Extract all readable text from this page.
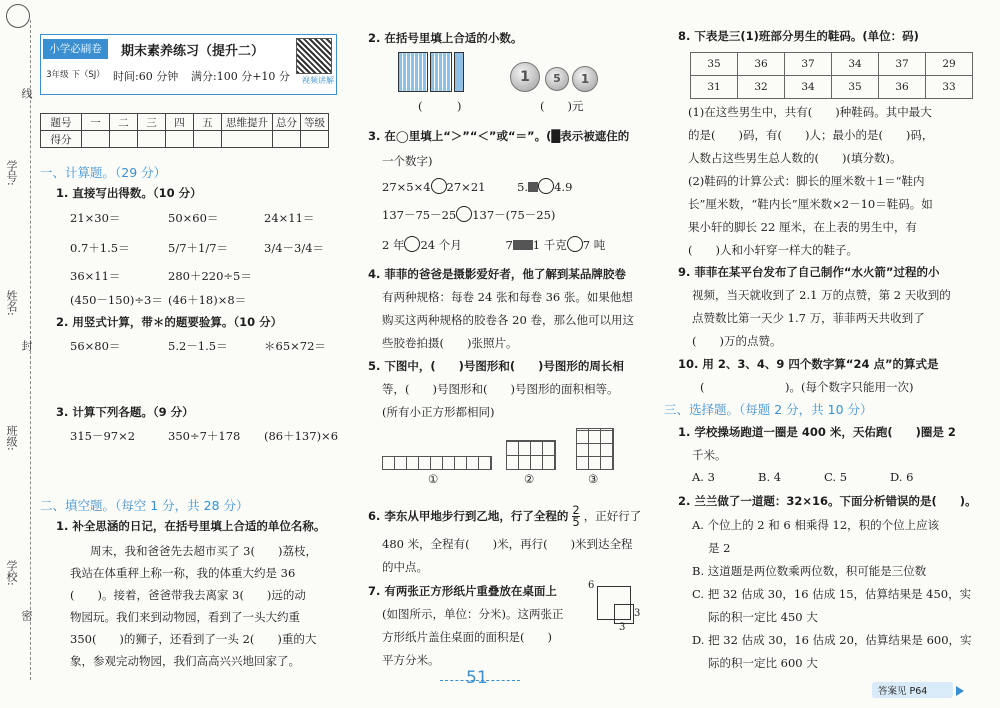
线
学号:
姓名:
封
班级:
学校:
密
小学必刷卷
3年级 下（SJ）
期末素养练习（提升二）
时间:60 分钟 满分:100 分+10 分 视频讲解
题号	一	二	三	四	五	思维提升	总分	等级
得分								
一、计算题。（29 分）
1. 直接写出得数。（10 分）
21×30＝	50×60＝	24×11＝
0.7＋1.5＝	5/7＋1/7＝	3/4－3/4＝
36×11＝	280＋220÷5＝
(450－150)÷3＝ (46＋18)×8＝
2. 用竖式计算，带＊的题要验算。（10 分）
56×80＝	5.2－1.5＝	＊65×72＝
3. 计算下列各题。（9 分）
315－97×2	350÷7＋178 (86＋137)×6
二、填空题。（每空 1 分，共 28 分）
1. 补全思涵的日记，在括号里填上合适的单位名称。
周末，我和爸爸先去超市买了 3(　　)荔枝，
我站在体重秤上称一称，我的体重大约是 36
(　　)。接着，爸爸带我去离家 3(　　)远的动
物园玩。我们来到动物园，看到了一头大约重
350(　　)的狮子，还看到了一头 2(　　)重的大
象，参观完动物园，我们高高兴兴地回家了。
2. 在括号里填上合适的小数。
(　　　)
1	5	1
(　　)元
3. 在◯里填上“＞”“＜”或“＝”。(█表示被遮住的
一个数字)
27×5×4 27×21	5. 4.9
137－75－25 137－(75－25)
2 年 24 个月	7 1 千克 7 吨
4. 菲菲的爸爸是摄影爱好者，他了解到某品牌胶卷
有两种规格：每卷 24 张和每卷 36 张。如果他想
购买这两种规格的胶卷各 20 卷，那么他可以用这
些胶卷拍摄(　　)张照片。
5. 下图中，(　　)号图形和(　　)号图形的周长相
等，(　　)号图形和(　　)号图形的面积相等。
(所有小正方形都相同)
①	②	③
6. 李东从甲地步行到乙地，行了全程的 $\frac{2}{5}$ ，正好行了
480 米，全程有(　　)米，再行(　　)米到达全程
的中点。
7. 有两张正方形纸片重叠放在桌面上
(如图所示，单位：分米)。这两张正
方形纸片盖住桌面的面积是(　　)
平方分米。
6
3
3
8. 下表是三(1)班部分男生的鞋码。(单位：码)
35	36	37	34	37	29
31	32	34	35	36	33
(1)在这些男生中，共有(　　)种鞋码。其中最大
的是(　　)码，有(　　)人；最小的是(　　)码，
人数占这些男生总人数的(　　)(填分数)。
(2)鞋码的计算公式：脚长的厘米数＋1＝“鞋内
长”厘米数，“鞋内长”厘米数×2－10＝鞋码。如
果小轩的脚长 22 厘米，在上表的男生中，有
(　　)人和小轩穿一样大的鞋子。
9. 菲菲在某平台发布了自己制作“水火箭”过程的小
视频，当天就收到了 2.1 万的点赞，第 2 天收到的
点赞数比第一天少 1.7 万，菲菲两天共收到了
(　　)万的点赞。
10. 用 2、3、4、9 四个数字算“24 点”的算式是
(　　　　　　　)。(每个数字只能用一次)
三、选择题。（每题 2 分，共 10 分）
1. 学校操场跑道一圈是 400 米，天佑跑(　　)圈是 2
千米。
A. 3	B. 4	C. 5	D. 6
2. 兰兰做了一道题：32×16。下面分析错误的是(　　)。
A. 个位上的 2 和 6 相乘得 12，积的个位上应该
是 2
B. 这道题是两位数乘两位数，积可能是三位数
C. 把 32 估成 30，16 估成 15，估算结果是 450，实
际的积一定比 450 大
D. 把 32 估成 30，16 估成 20，估算结果是 600，实
际的积一定比 600 大
答案见 P64
51
